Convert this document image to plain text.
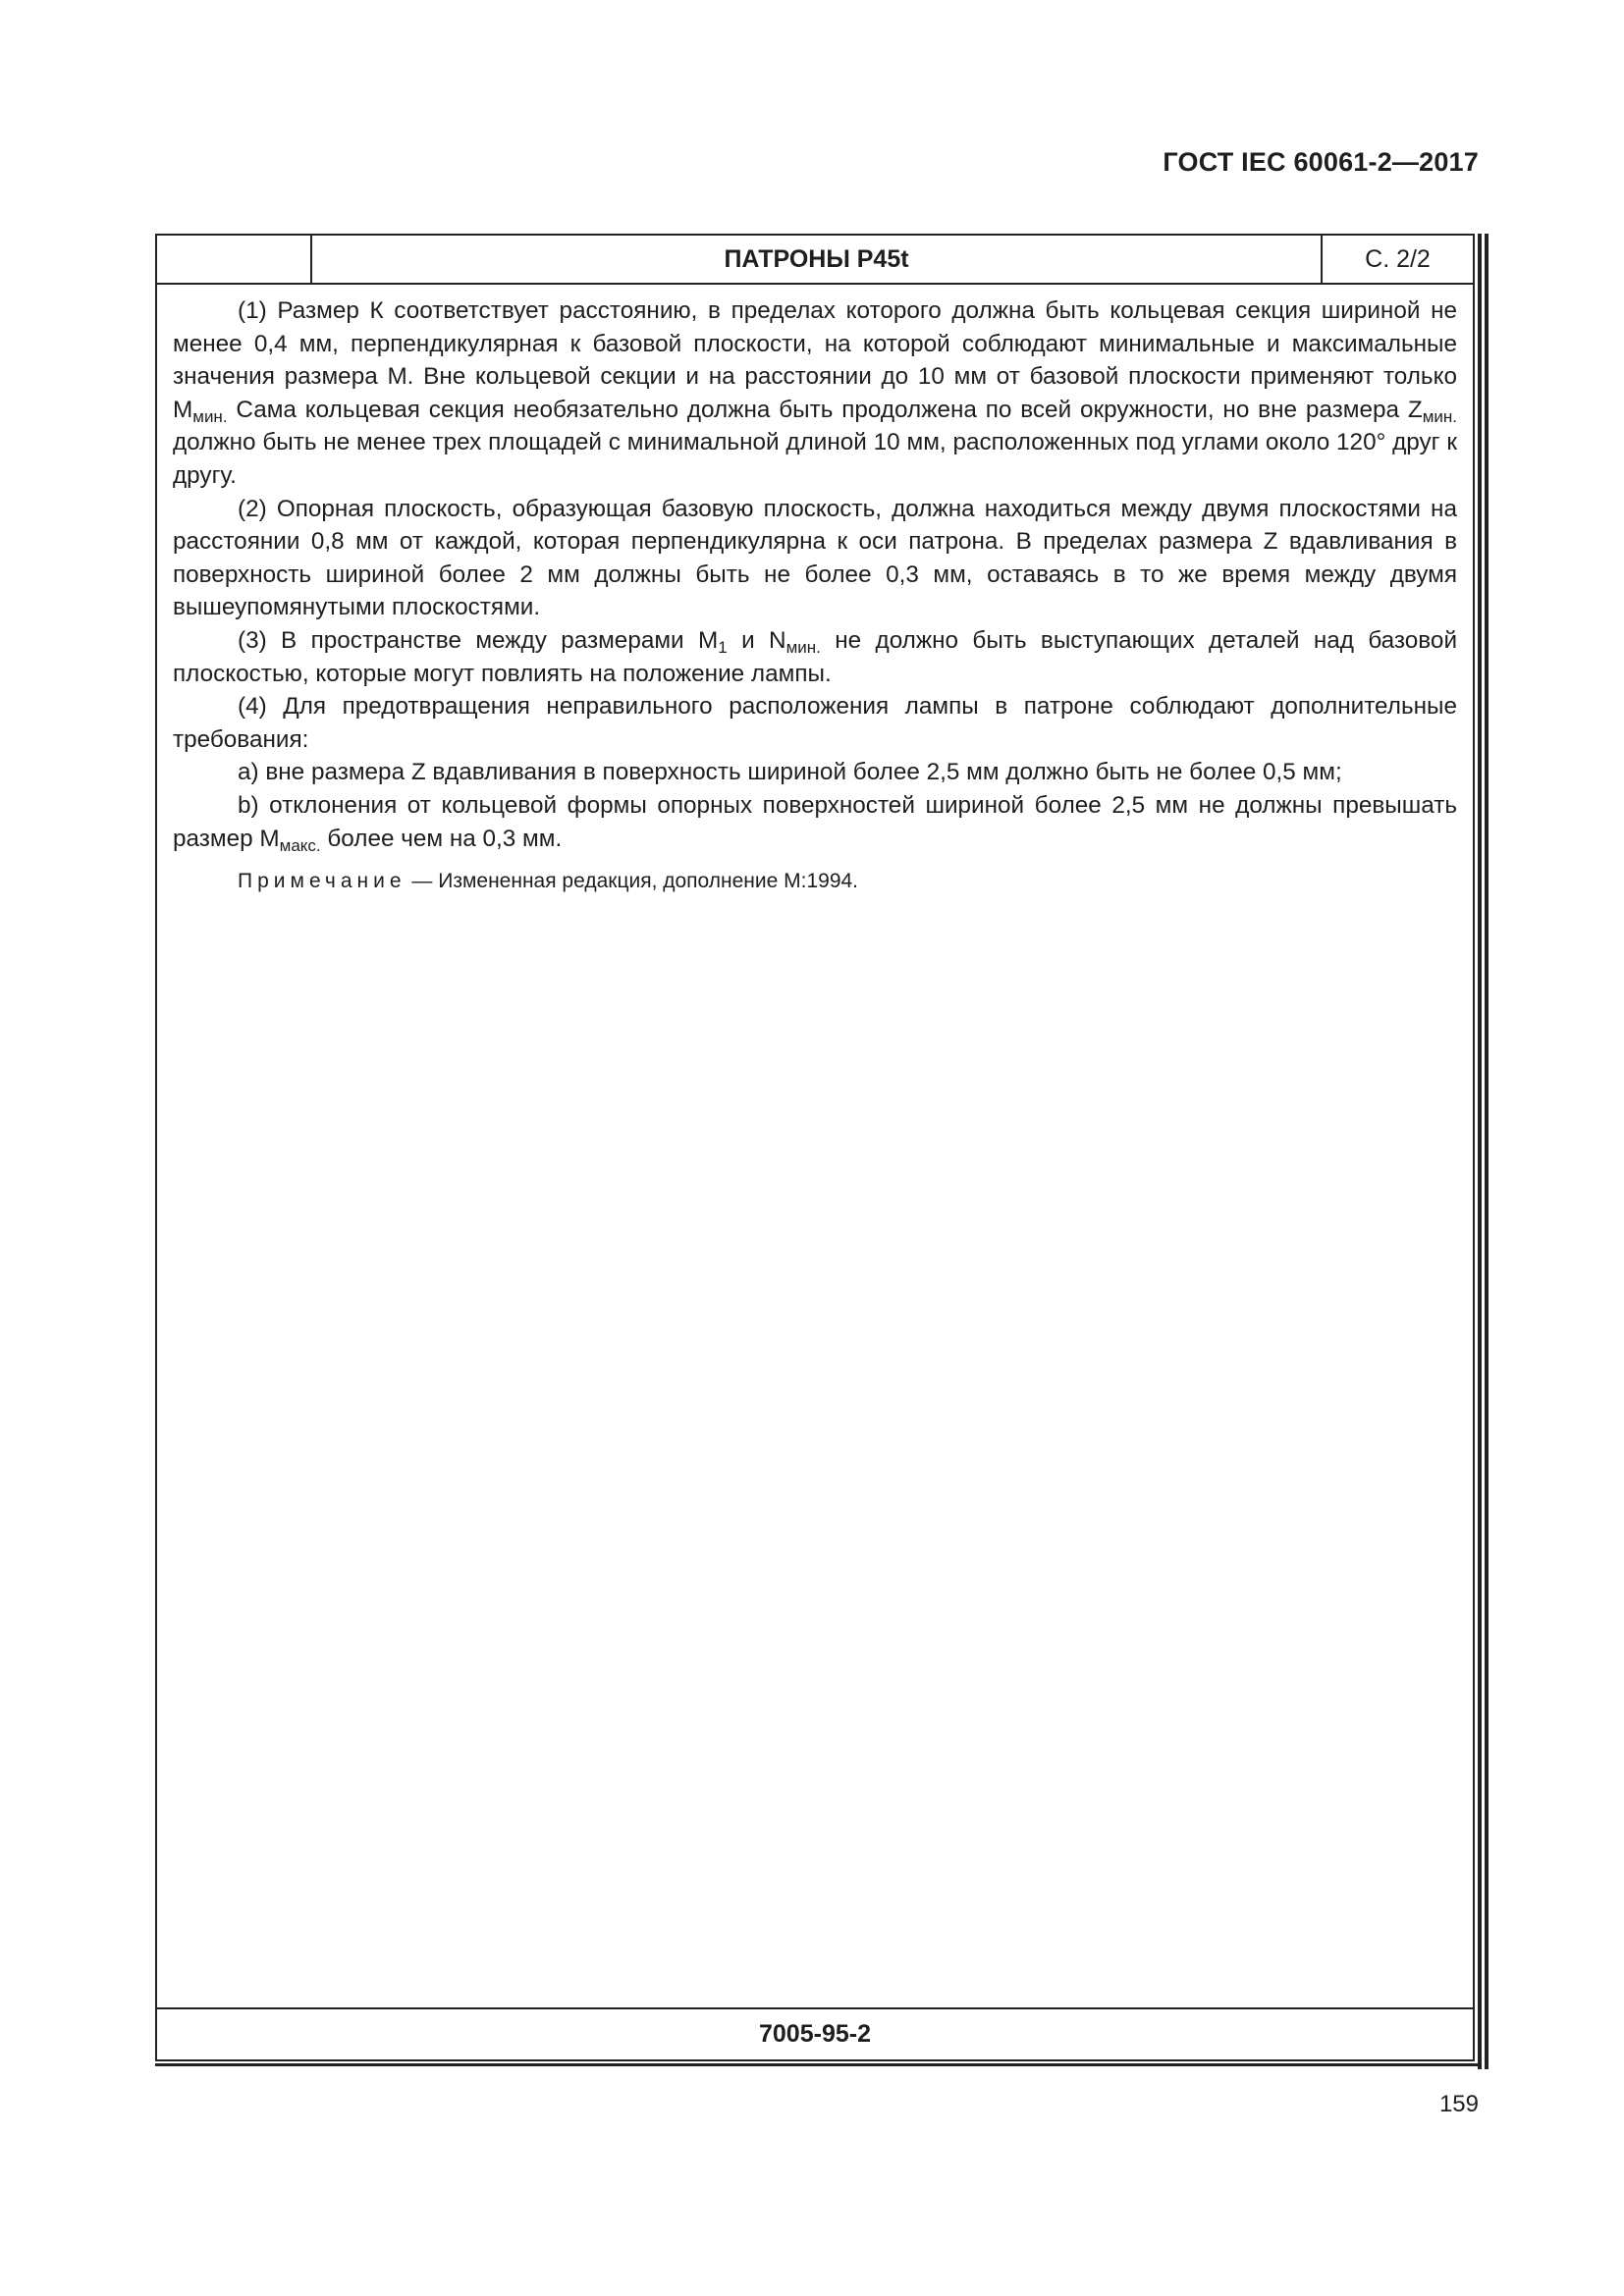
ГОСТ IEC 60061-2—2017
ПАТРОНЫ P45t	С. 2/2

(1) Размер К соответствует расстоянию, в пределах которого должна быть кольцевая секция шириной не менее 0,4 мм, перпендикулярная к базовой плоскости, на которой соблюдают минимальные и максимальные значения размера М. Вне кольцевой секции и на расстоянии до 10 мм от базовой плоскости применяют только $М_{мин.}$ Сама кольцевая секция необязательно должна быть продолжена по всей окружности, но вне размера $Z_{мин.}$ должно быть не менее трех площадей с минимальной длиной 10 мм, расположенных под углами около 120° друг к другу.

(2) Опорная плоскость, образующая базовую плоскость, должна находиться между двумя плоскостями на расстоянии 0,8 мм от каждой, которая перпендикулярна к оси патрона. В пределах размера Z вдавливания в поверхность шириной более 2 мм должны быть не более 0,3 мм, оставаясь в то же время между двумя вышеупомянутыми плоскостями.

(3) В пространстве между размерами $М_1$ и $N_{мин.}$ не должно быть выступающих деталей над базовой плоскостью, которые могут повлиять на положение лампы.

(4) Для предотвращения неправильного расположения лампы в патроне соблюдают дополнительные требования:

a) вне размера Z вдавливания в поверхность шириной более 2,5 мм должно быть не более 0,5 мм;

b) отклонения от кольцевой формы опорных поверхностей шириной более 2,5 мм не должны превышать размер $М_{макс.}$ более чем на 0,3 мм.

Примечание — Измененная редакция, дополнение М:1994.

7005-95-2
159
